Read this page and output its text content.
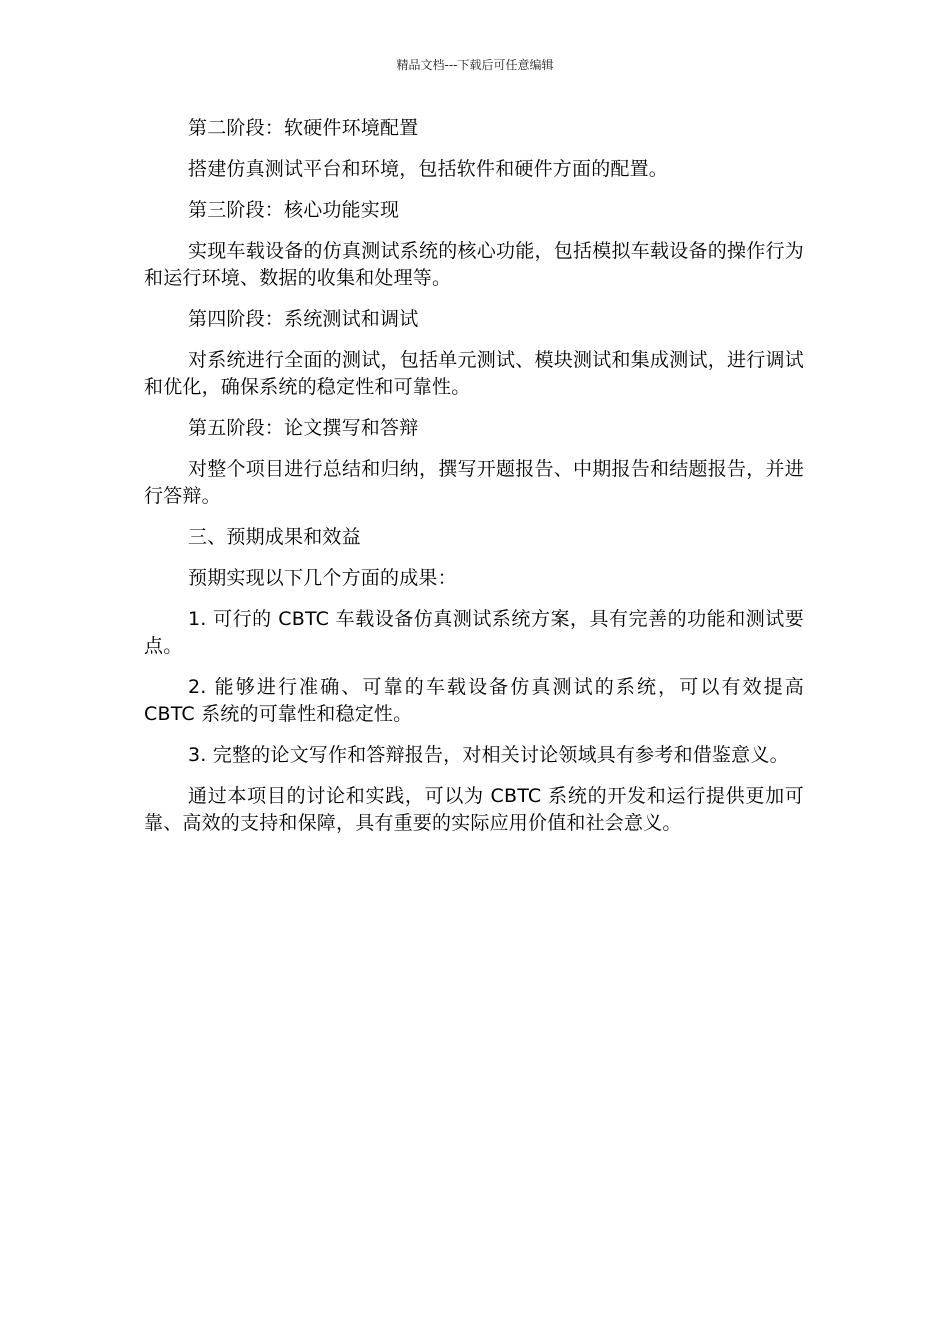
精品文档---下载后可任意编辑

第二阶段：软硬件环境配置

搭建仿真测试平台和环境，包括软件和硬件方面的配置。

第三阶段：核心功能实现

实现车载设备的仿真测试系统的核心功能，包括模拟车载设备的操作行为和运行环境、数据的收集和处理等。

第四阶段：系统测试和调试

对系统进行全面的测试，包括单元测试、模块测试和集成测试，进行调试和优化，确保系统的稳定性和可靠性。

第五阶段：论文撰写和答辩

对整个项目进行总结和归纳，撰写开题报告、中期报告和结题报告，并进行答辩。

三、预期成果和效益

预期实现以下几个方面的成果：

1. 可行的 CBTC 车载设备仿真测试系统方案，具有完善的功能和测试要点。

2. 能够进行准确、可靠的车载设备仿真测试的系统，可以有效提高 CBTC 系统的可靠性和稳定性。

3. 完整的论文写作和答辩报告，对相关讨论领域具有参考和借鉴意义。

通过本项目的讨论和实践，可以为 CBTC 系统的开发和运行提供更加可靠、高效的支持和保障，具有重要的实际应用价值和社会意义。
